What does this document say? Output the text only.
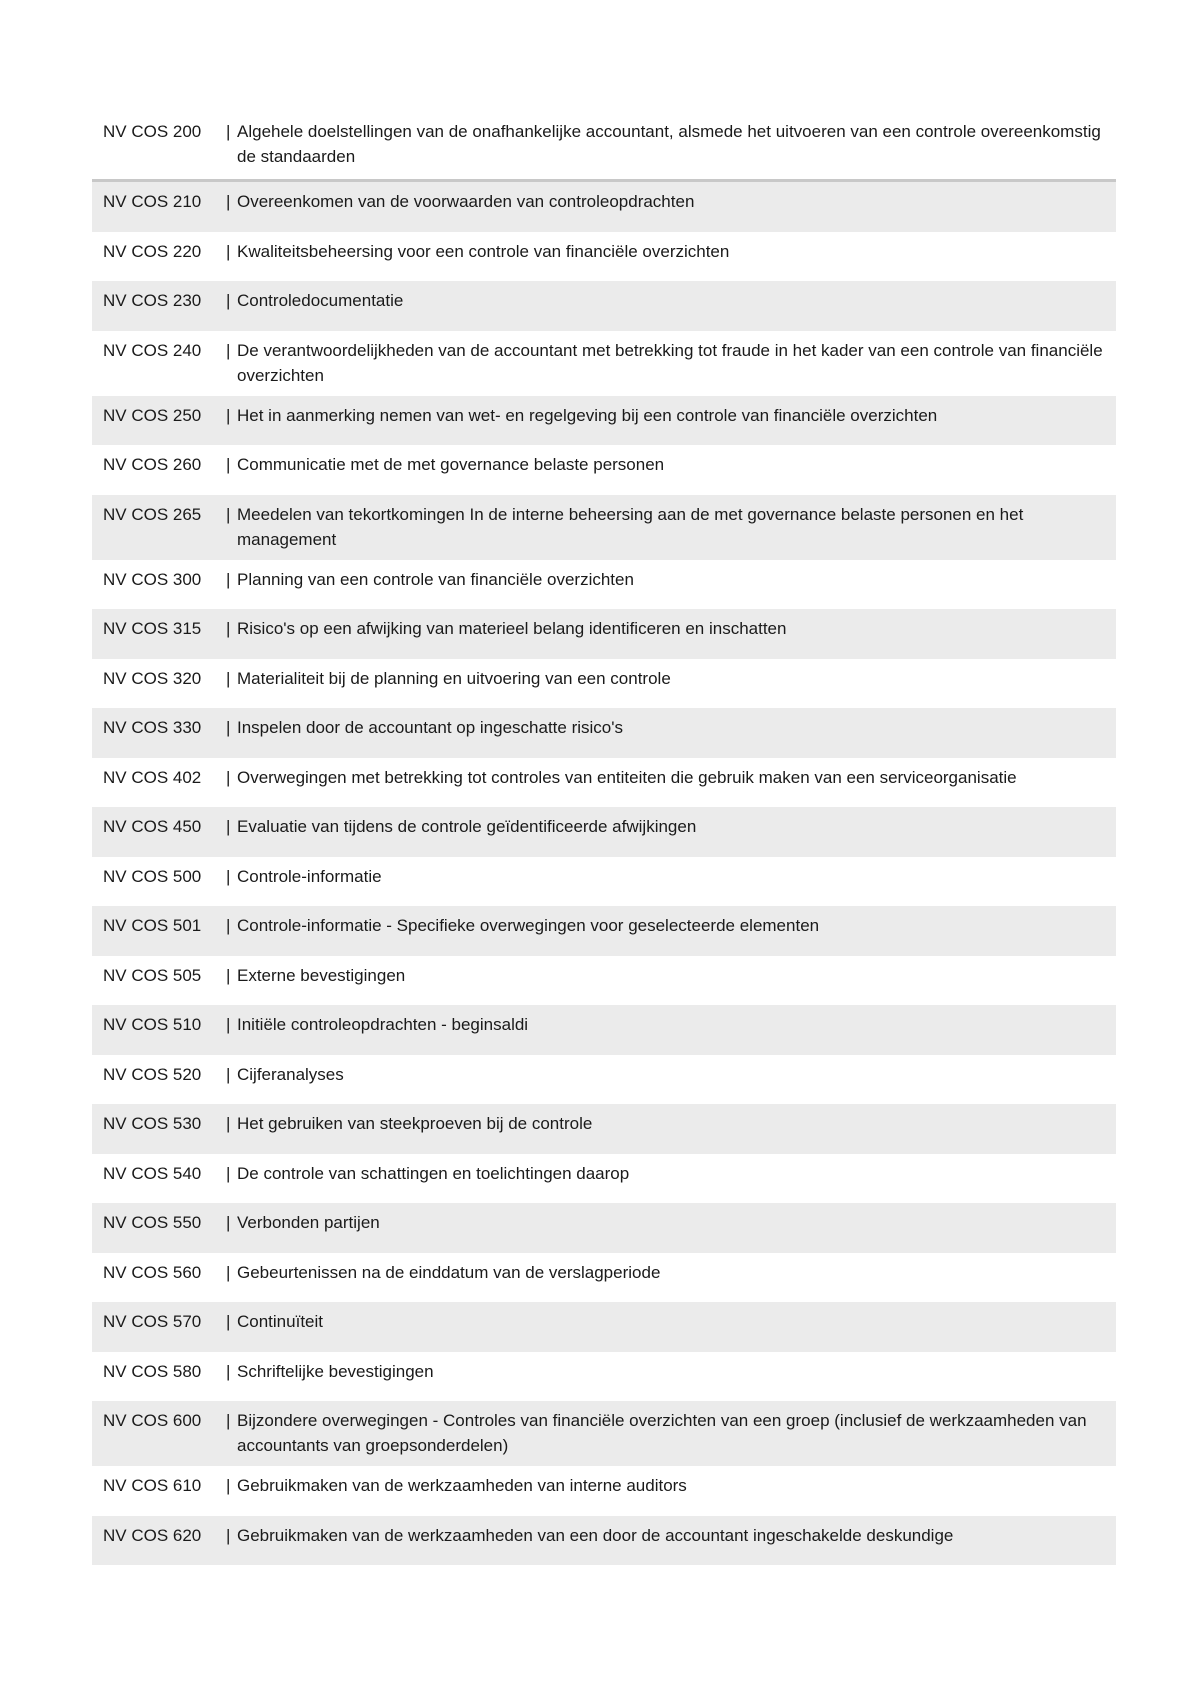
NV COS 200	| Algehele doelstellingen van de onafhankelijke accountant, alsmede het uitvoeren van een controle overeenkomstig de standaarden
NV COS 210	| Overeenkomen van de voorwaarden van controleopdrachten
NV COS 220	| Kwaliteitsbeheersing voor een controle van financiële overzichten
NV COS 230	| Controledocumentatie
NV COS 240	| De verantwoordelijkheden van de accountant met betrekking tot fraude in het kader van een controle van financiële overzichten
NV COS 250	| Het in aanmerking nemen van wet- en regelgeving bij een controle van financiële overzichten
NV COS 260	| Communicatie met de met governance belaste personen
NV COS 265	| Meedelen van tekortkomingen In de interne beheersing aan de met governance belaste personen en het management
NV COS 300	| Planning van een controle van financiële overzichten
NV COS 315	| Risico's op een afwijking van materieel belang identificeren en inschatten
NV COS 320	| Materialiteit bij de planning en uitvoering van een controle
NV COS 330	| Inspelen door de accountant op ingeschatte risico's
NV COS 402	| Overwegingen met betrekking tot controles van entiteiten die gebruik maken van een serviceorganisatie
NV COS 450	| Evaluatie van tijdens de controle geïdentificeerde afwijkingen
NV COS 500	| Controle-informatie
NV COS 501	| Controle-informatie - Specifieke overwegingen voor geselecteerde elementen
NV COS 505	| Externe bevestigingen
NV COS 510	| Initiële controleopdrachten - beginsaldi
NV COS 520	| Cijferanalyses
NV COS 530	| Het gebruiken van steekproeven bij de controle
NV COS 540	| De controle van schattingen en toelichtingen daarop
NV COS 550	| Verbonden partijen
NV COS 560	| Gebeurtenissen na de einddatum van de verslagperiode
NV COS 570	| Continuïteit
NV COS 580	| Schriftelijke bevestigingen
NV COS 600	| Bijzondere overwegingen - Controles van financiële overzichten van een groep (inclusief de werkzaamheden van accountants van groepsonderdelen)
NV COS 610	| Gebruikmaken van de werkzaamheden van interne auditors
NV COS 620	| Gebruikmaken van de werkzaamheden van een door de accountant ingeschakelde deskundige
